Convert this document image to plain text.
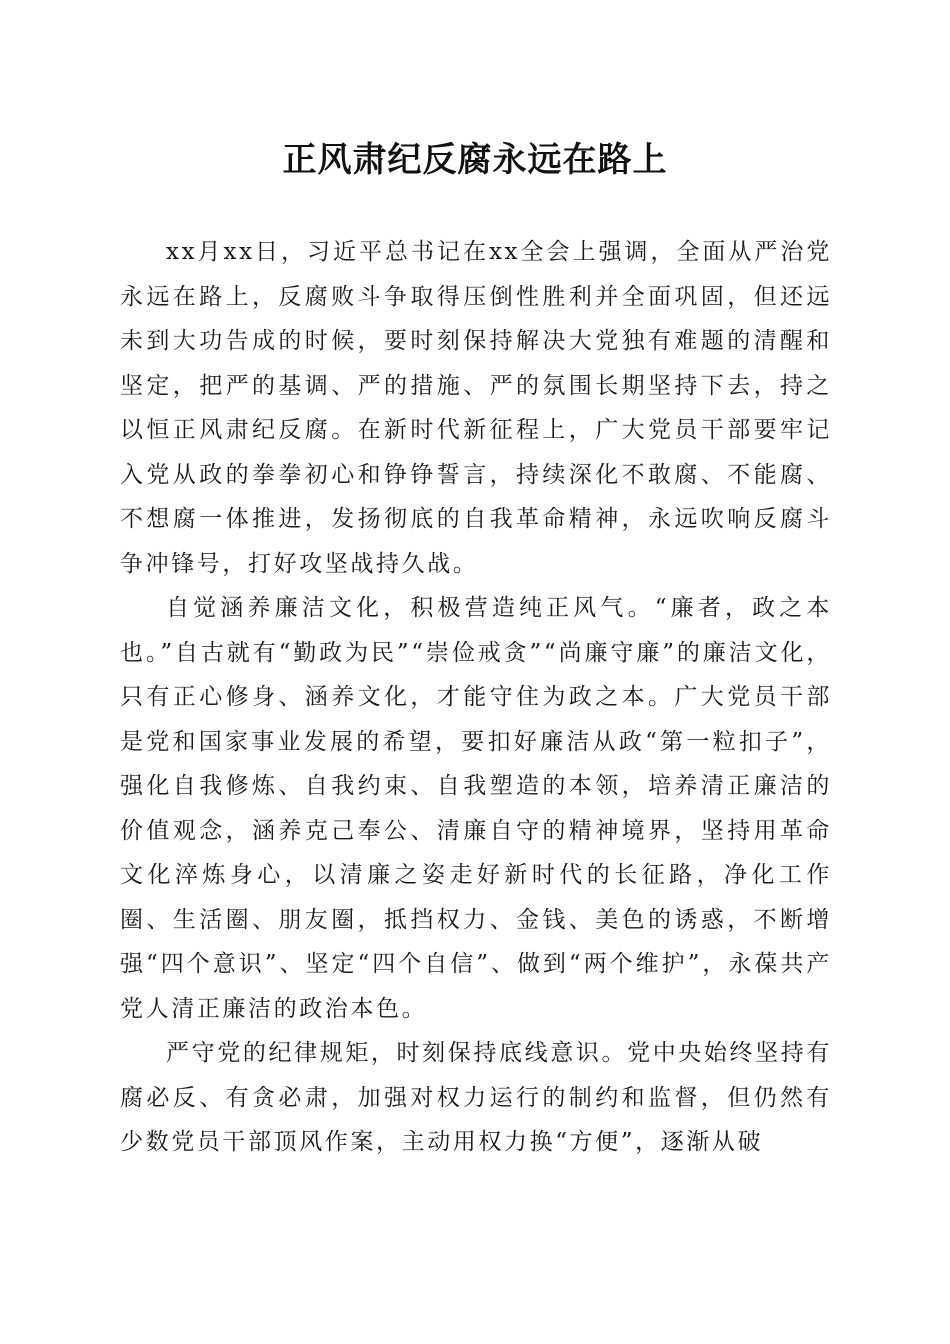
正风肃纪反腐永远在路上

xx月xx日，习近平总书记在xx全会上强调，全面从严治党永远在路上，反腐败斗争取得压倒性胜利并全面巩固，但还远未到大功告成的时候，要时刻保持解决大党独有难题的清醒和坚定，把严的基调、严的措施、严的氛围长期坚持下去，持之以恒正风肃纪反腐。在新时代新征程上，广大党员干部要牢记入党从政的拳拳初心和铮铮誓言，持续深化不敢腐、不能腐、不想腐一体推进，发扬彻底的自我革命精神，永远吹响反腐斗争冲锋号，打好攻坚战持久战。

自觉涵养廉洁文化，积极营造纯正风气。“廉者，政之本也。”自古就有“勤政为民”“崇俭戒贪”“尚廉守廉”的廉洁文化，只有正心修身、涵养文化，才能守住为政之本。广大党员干部是党和国家事业发展的希望，要扣好廉洁从政“第一粒扣子”，强化自我修炼、自我约束、自我塑造的本领，培养清正廉洁的价值观念，涵养克己奉公、清廉自守的精神境界，坚持用革命文化淬炼身心，以清廉之姿走好新时代的长征路，净化工作圈、生活圈、朋友圈，抵挡权力、金钱、美色的诱惑，不断增强“四个意识”、坚定“四个自信”、做到“两个维护”，永葆共产党人清正廉洁的政治本色。

严守党的纪律规矩，时刻保持底线意识。党中央始终坚持有腐必反、有贪必肃，加强对权力运行的制约和监督，但仍然有少数党员干部顶风作案，主动用权力换“方便”，逐渐从破
